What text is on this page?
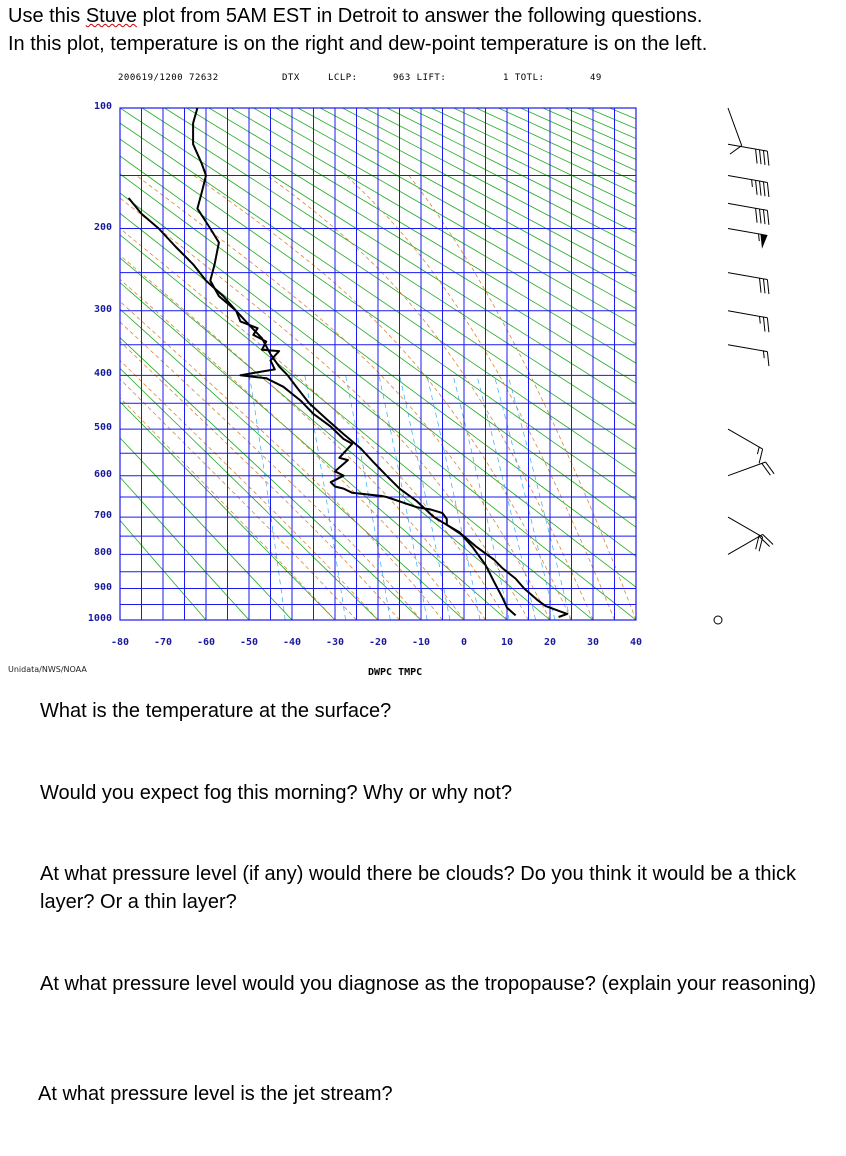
Use this Stuve plot from 5AM EST in Detroit to answer the following questions.

In this plot, temperature is on the right and dew-point temperature is on the left.

200619/1200 72632	DTX	LCLP:	963 LIFT:	1 TOTL:	49
100
200
300
400
500
600
700
800
900
1000
-80	-70	-60	-50	-40	-30	-20	-10	0	10	20	30	40
Unidata/NWS/NOAA	DWPC TMPC

What is the temperature at the surface?

Would you expect fog this morning? Why or why not?

At what pressure level (if any) would there be clouds? Do you think it would be a thick layer? Or a thin layer?

At what pressure level would you diagnose as the tropopause? (explain your reasoning)

At what pressure level is the jet stream?
